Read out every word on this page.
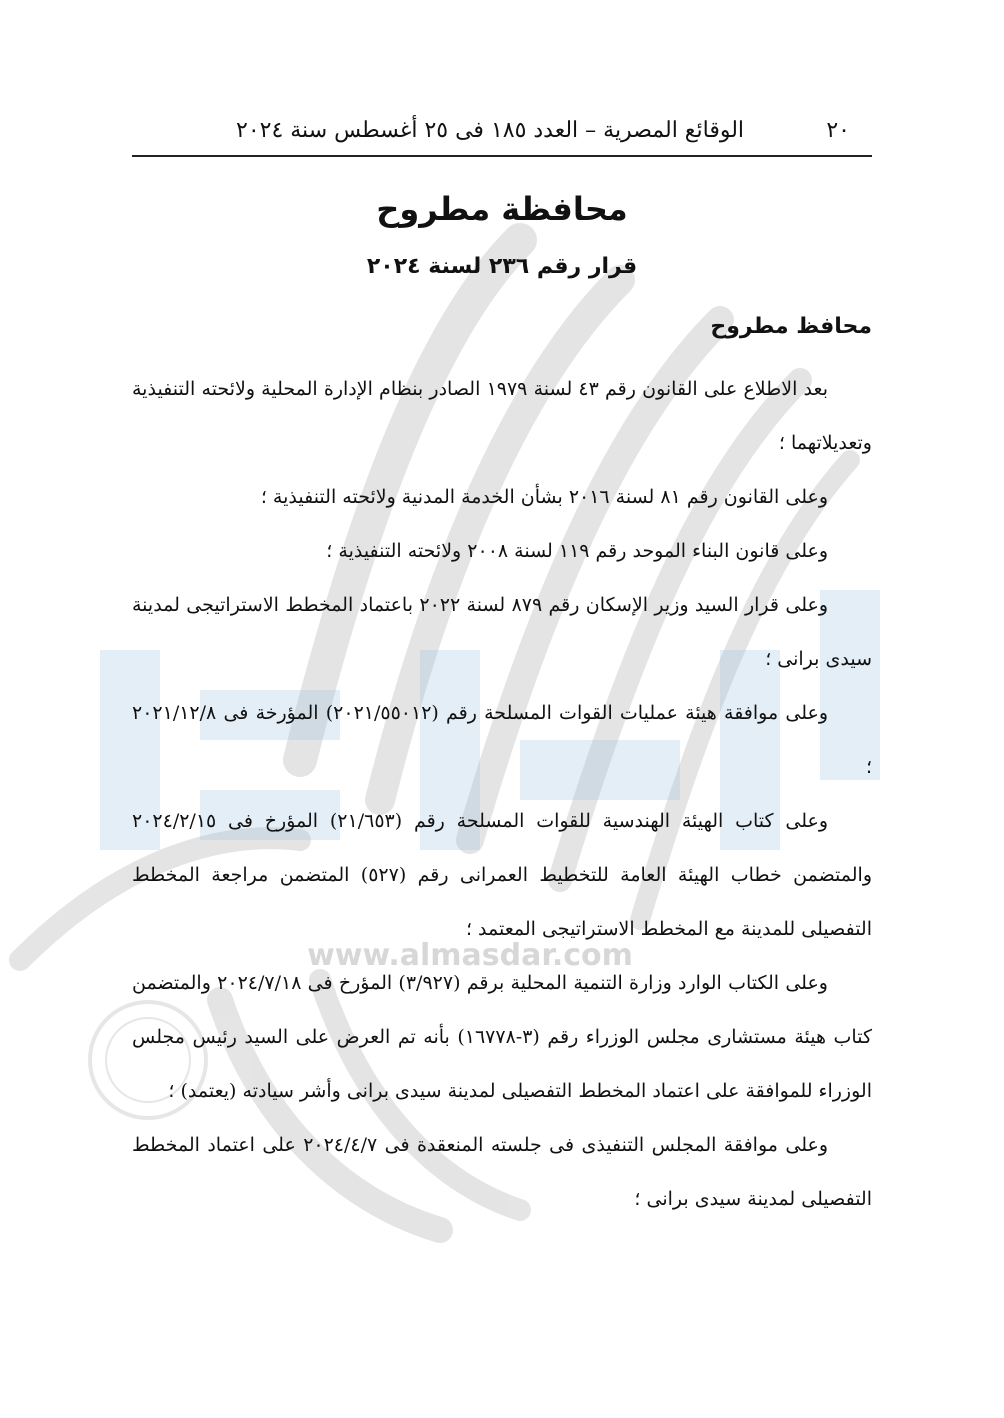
www.almasdar.com
٢٠
الوقائع المصرية – العدد ١٨٥ فى ٢٥ أغسطس سنة ٢٠٢٤
محافظة مطروح
قرار رقم ٢٣٦ لسنة ٢٠٢٤
محافظ مطروح

بعد الاطلاع على القانون رقم ٤٣ لسنة ١٩٧٩ الصادر بنظام الإدارة المحلية ولائحته التنفيذية وتعديلاتهما ؛

وعلى القانون رقم ٨١ لسنة ٢٠١٦ بشأن الخدمة المدنية ولائحته التنفيذية ؛

وعلى قانون البناء الموحد رقم ١١٩ لسنة ٢٠٠٨ ولائحته التنفيذية ؛

وعلى قرار السيد وزير الإسكان رقم ٨٧٩ لسنة ٢٠٢٢ باعتماد المخطط الاستراتيجى لمدينة سيدى برانى ؛

وعلى موافقة هيئة عمليات القوات المسلحة رقم (٢٠٢١/٥٥٠١٢) المؤرخة فى ٢٠٢١/١٢/٨ ؛

وعلى كتاب الهيئة الهندسية للقوات المسلحة رقم (٢١/٦٥٣) المؤرخ فى ٢٠٢٤/٢/١٥ والمتضمن خطاب الهيئة العامة للتخطيط العمرانى رقم (٥٢٧) المتضمن مراجعة المخطط التفصيلى للمدينة مع المخطط الاستراتيجى المعتمد ؛

وعلى الكتاب الوارد وزارة التنمية المحلية برقم (٣/٩٢٧) المؤرخ فى ٢٠٢٤/٧/١٨ والمتضمن كتاب هيئة مستشارى مجلس الوزراء رقم (٣-١٦٧٧٨) بأنه تم العرض على السيد رئيس مجلس الوزراء للموافقة على اعتماد المخطط التفصيلى لمدينة سيدى برانى وأشر سيادته (يعتمد) ؛

وعلى موافقة المجلس التنفيذى فى جلسته المنعقدة فى ٢٠٢٤/٤/٧ على اعتماد المخطط التفصيلى لمدينة سيدى برانى ؛
